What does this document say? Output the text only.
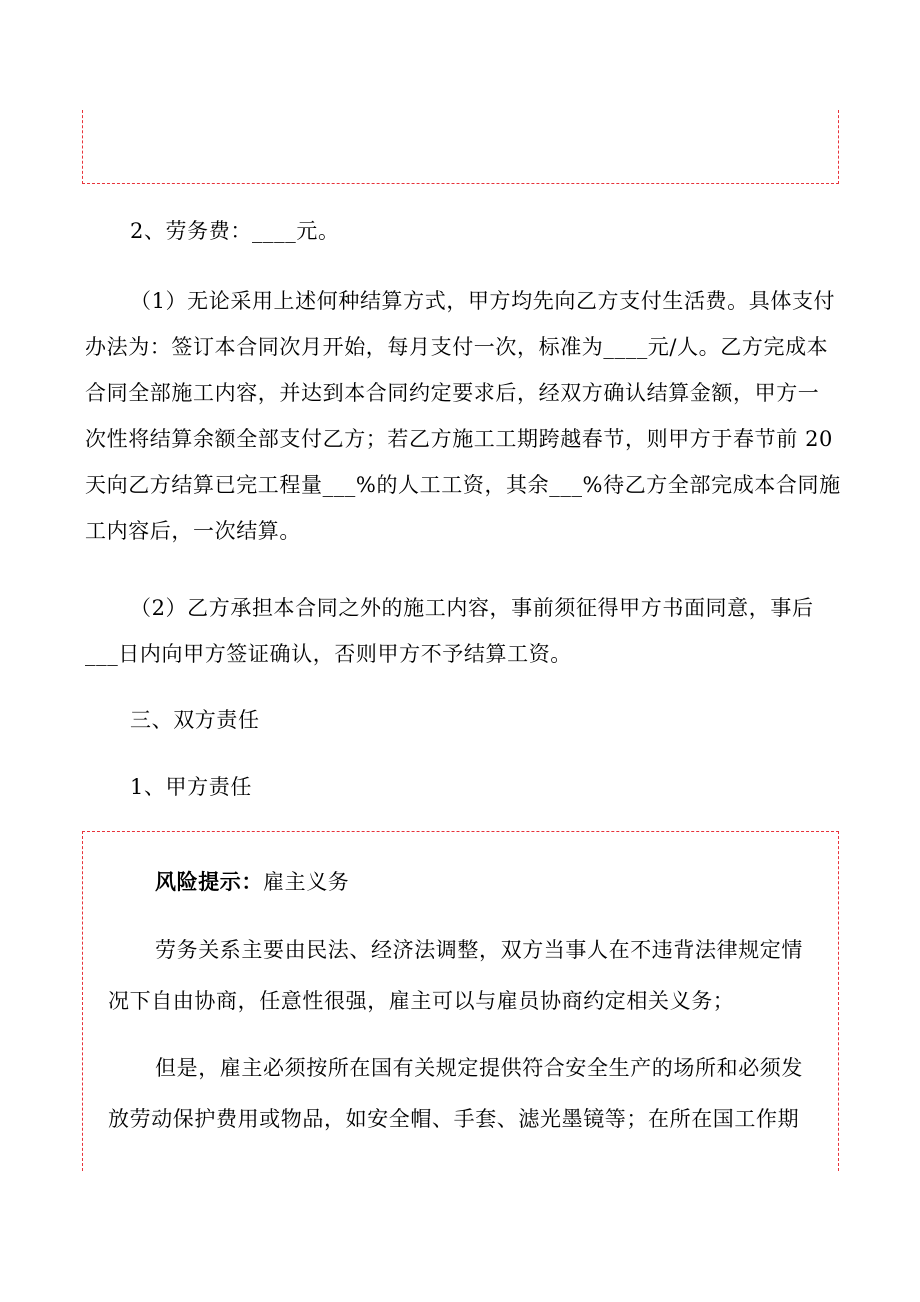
2、劳务费：____元。
（1）无论采用上述何种结算方式，甲方均先向乙方支付生活费。具体支付
办法为：签订本合同次月开始，每月支付一次，标准为____元/人。乙方完成本
合同全部施工内容，并达到本合同约定要求后，经双方确认结算金额，甲方一
次性将结算余额全部支付乙方；若乙方施工工期跨越春节，则甲方于春节前 20
天向乙方结算已完工程量___%的人工工资，其余___%待乙方全部完成本合同施
工内容后，一次结算。
（2）乙方承担本合同之外的施工内容，事前须征得甲方书面同意，事后
___日内向甲方签证确认，否则甲方不予结算工资。
三、双方责任
1、甲方责任
风险提示：雇主义务
劳务关系主要由民法、经济法调整，双方当事人在不违背法律规定情
况下自由协商，任意性很强，雇主可以与雇员协商约定相关义务；
但是，雇主必须按所在国有关规定提供符合安全生产的场所和必须发
放劳动保护费用或物品，如安全帽、手套、滤光墨镜等；在所在国工作期
